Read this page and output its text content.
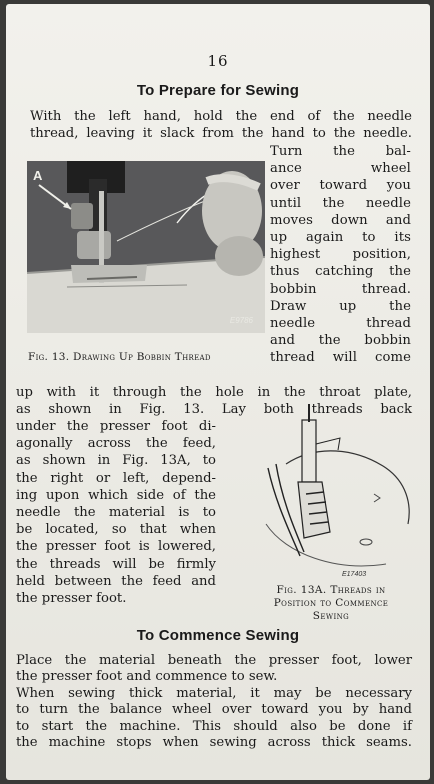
16
To Prepare for Sewing
With the left hand, hold the end of the needle
thread, leaving it slack from the hand to the needle.
A
E9786
Fig. 13. Drawing Up Bobbin Thread
Turn the bal-
ance wheel
over toward you
until the needle
moves down and
up again to its
highest position,
thus catching the
bobbin thread.
Draw up the
needle thread
and the bobbin
thread will come
up with it through the hole in the throat plate,
as shown in Fig. 13. Lay both threads back
under the presser foot di-
agonally across the feed,
as shown in Fig. 13A, to
the right or left, depend-
ing upon which side of the
needle the material is to
be located, so that when
the presser foot is lowered,
the threads will be firmly
held between the feed and
the presser foot.
E17403
Fig. 13A. Threads in
Position to Commence
Sewing
To Commence Sewing
Place the material beneath the presser foot, lower
the presser foot and commence to sew.
When sewing thick material, it may be necessary
to turn the balance wheel over toward you by hand
to start the machine. This should also be done if
the machine stops when sewing across thick seams.
